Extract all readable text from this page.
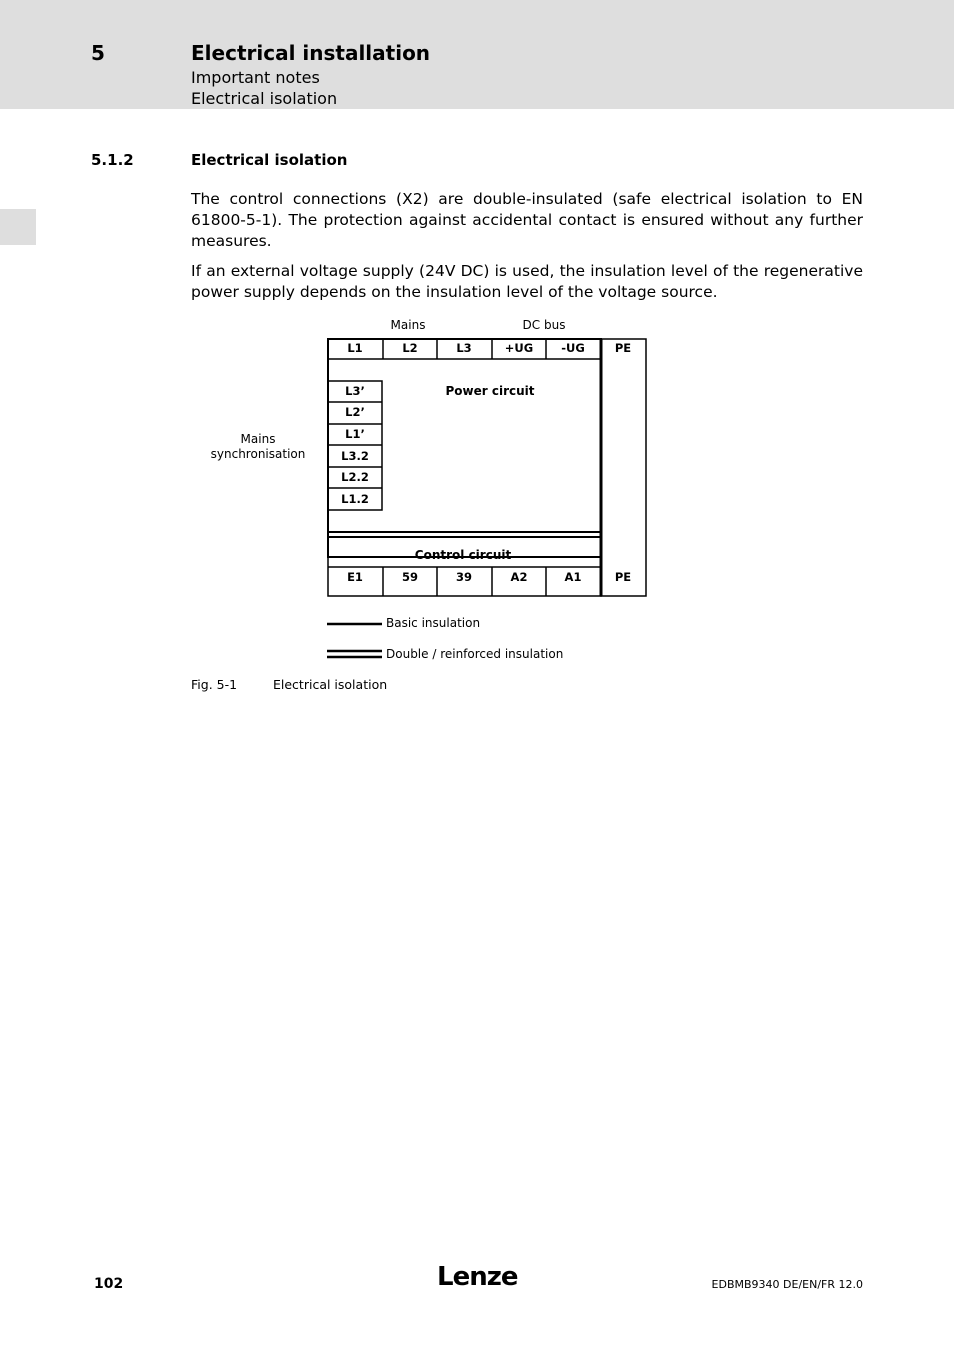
5	Electrical installation
Important notes
Electrical isolation
5.1.2	Electrical isolation

The control connections (X2) are double-insulated (safe electrical isolation to EN 61800-5-1). The protection against accidental contact is ensured without any further measures.

If an external voltage supply (24V DC) is used, the insulation level of the regenerative power supply depends on the insulation level of the voltage source.

Mains	DC bus
L1	L2	L3	+UG -UG	PE
Power circuit
L3’
L2’
L1’
L3.2
L2.2
L1.2
Mains
synchronisation
Control circuit
E1	59	39	A2	A1	PE
Basic insulation
Double / reinforced insulation
Fig. 5-1	Electrical isolation
102	Lenze	EDBMB9340 DE/EN/FR 12.0
